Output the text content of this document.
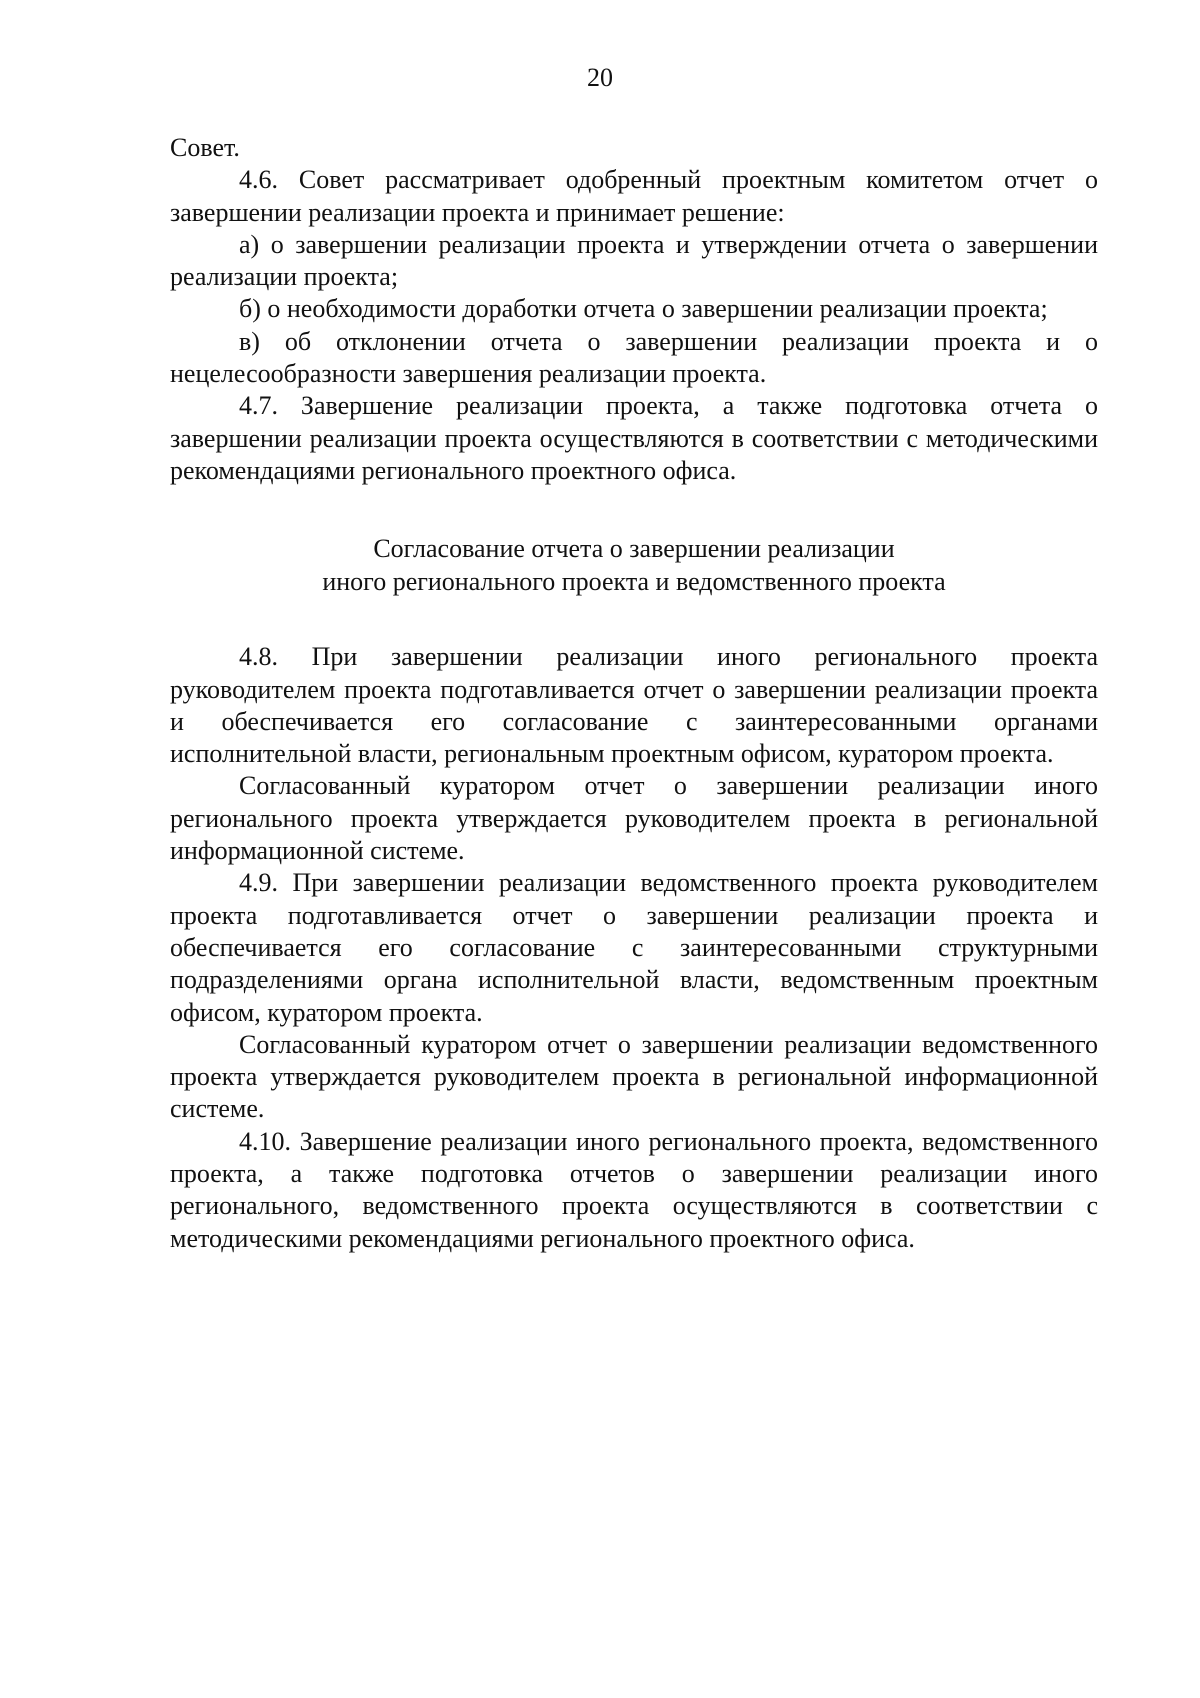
20

Совет.

4.6. Совет рассматривает одобренный проектным комитетом отчет о завершении реализации проекта и принимает решение:

а) о завершении реализации проекта и утверждении отчета о завершении реализации проекта;

б) о необходимости доработки отчета о завершении реализации проекта;

в) об отклонении отчета о завершении реализации проекта и о нецелесообразности завершения реализации проекта.

4.7. Завершение реализации проекта, а также подготовка отчета о завершении реализации проекта осуществляются в соответствии с методическими рекомендациями регионального проектного офиса.

Согласование отчета о завершении реализации
иного регионального проекта и ведомственного проекта

4.8. При завершении реализации иного регионального проекта руководителем проекта подготавливается отчет о завершении реализации проекта и обеспечивается его согласование с заинтересованными органами исполнительной власти, региональным проектным офисом, куратором проекта.

Согласованный куратором отчет о завершении реализации иного регионального проекта утверждается руководителем проекта в региональной информационной системе.

4.9. При завершении реализации ведомственного проекта руководителем проекта подготавливается отчет о завершении реализации проекта и обеспечивается его согласование с заинтересованными структурными подразделениями органа исполнительной власти, ведомственным проектным офисом, куратором проекта.

Согласованный куратором отчет о завершении реализации ведомственного проекта утверждается руководителем проекта в региональной информационной системе.

4.10. Завершение реализации иного регионального проекта, ведомственного проекта, а также подготовка отчетов о завершении реализации иного регионального, ведомственного проекта осуществляются в соответствии с методическими рекомендациями регионального проектного офиса.
